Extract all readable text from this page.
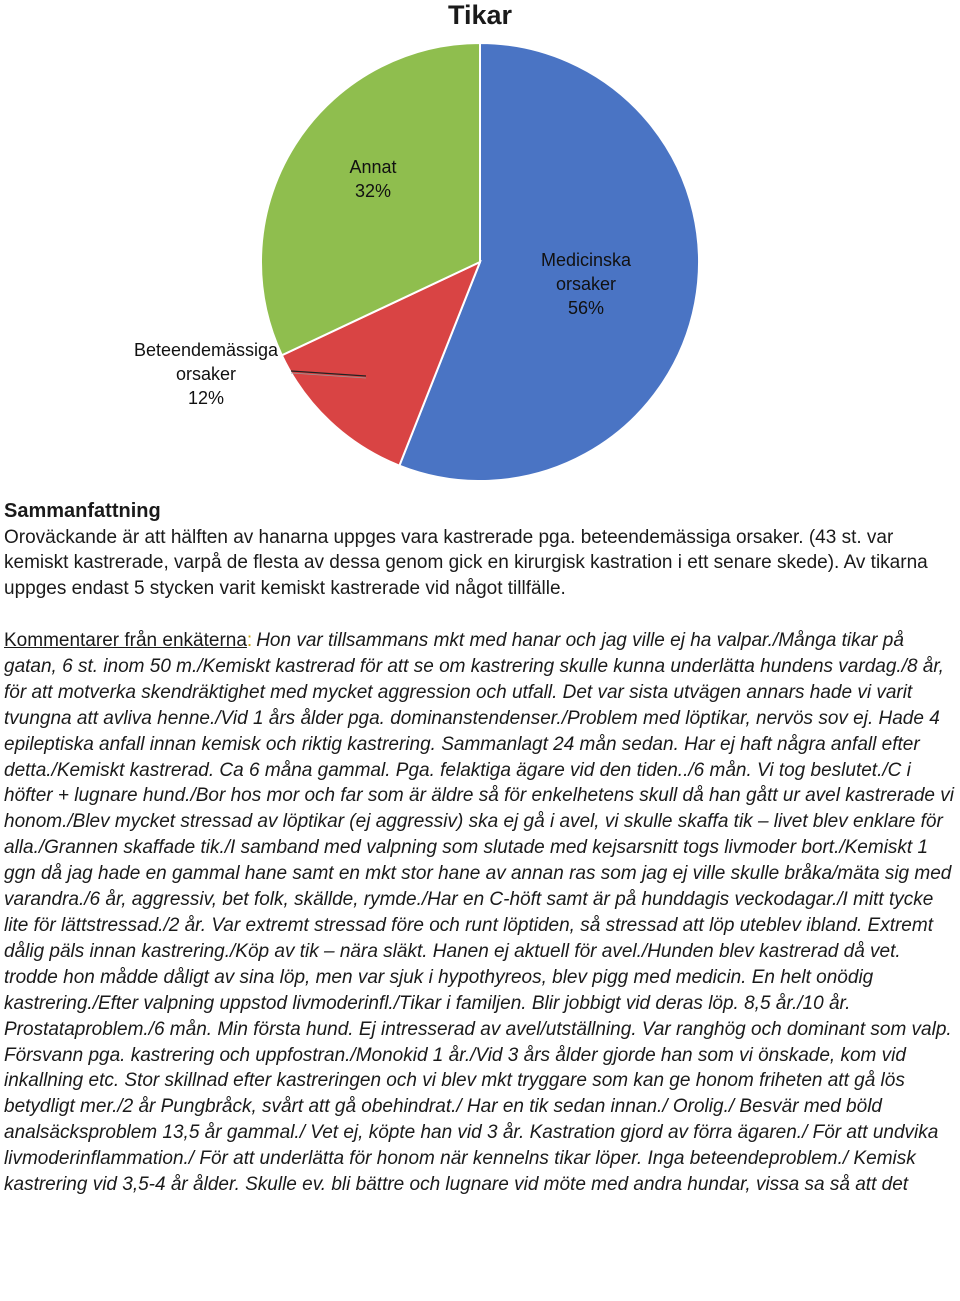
Tikar
Medicinska orsaker 56%
Beteendemässiga orsaker 12%
Annat 32%
Sammanfattning
Oroväckande är att hälften av hanarna uppges vara kastrerade pga. beteendemässiga orsaker. (43 st. var kemiskt kastrerade, varpå de flesta av dessa genom gick en kirurgisk kastration i ett senare skede). Av tikarna uppges endast 5 stycken varit kemiskt kastrerade vid något tillfälle.
Kommentarer från enkäterna: Hon var tillsammans mkt med hanar och jag ville ej ha valpar./Många tikar på gatan, 6 st. inom 50 m./Kemiskt kastrerad för att se om kastrering skulle kunna underlätta hundens vardag./8 år, för att motverka skendräktighet med mycket aggression och utfall. Det var sista utvägen annars hade vi varit tvungna att avliva henne./Vid 1 års ålder pga. dominanstendenser./Problem med löptikar, nervös sov ej. Hade 4 epileptiska anfall innan kemisk och riktig kastrering. Sammanlagt 24 mån sedan. Har ej haft några anfall efter detta./Kemiskt kastrerad. Ca 6 måna gammal. Pga. felaktiga ägare vid den tiden../6 mån. Vi tog beslutet./C i höfter + lugnare hund./Bor hos mor och far som är äldre så för enkelhetens skull då han gått ur avel kastrerade vi honom./Blev mycket stressad av löptikar (ej aggressiv) ska ej gå i avel, vi skulle skaffa tik – livet blev enklare för alla./Grannen skaffade tik./I samband med valpning som slutade med kejsarsnitt togs livmoder bort./Kemiskt 1 ggn då jag hade en gammal hane samt en mkt stor hane av annan ras som jag ej ville skulle bråka/mäta sig med varandra./6 år, aggressiv, bet folk, skällde, rymde./Har en C-höft samt är på hunddagis veckodagar./I mitt tycke lite för lättstressad./2 år. Var extremt stressad före och runt löptiden, så stressad att löp uteblev ibland. Extremt dålig päls innan kastrering./Köp av tik – nära släkt. Hanen ej aktuell för avel./Hunden blev kastrerad då vet. trodde hon mådde dåligt av sina löp, men var sjuk i hypothyreos, blev pigg med medicin. En helt onödig kastrering./Efter valpning uppstod livmoderinfl./Tikar i familjen. Blir jobbigt vid deras löp. 8,5 år./10 år. Prostataproblem./6 mån. Min första hund. Ej intresserad av avel/utställning. Var ranghög och dominant som valp. Försvann pga. kastrering och uppfostran./Monokid 1 år./Vid 3 års ålder gjorde han som vi önskade, kom vid inkallning etc. Stor skillnad efter kastreringen och vi blev mkt tryggare som kan ge honom friheten att gå lös betydligt mer./2 år Pungbråck, svårt att gå obehindrat./ Har en tik sedan innan./ Orolig./ Besvär med böld analsäcksproblem 13,5 år gammal./ Vet ej, köpte han vid 3 år. Kastration gjord av förra ägaren./ För att undvika livmoderinflammation./ För att underlätta för honom när kennelns tikar löper. Inga beteendeproblem./ Kemisk kastrering vid 3,5-4 år ålder. Skulle ev. bli bättre och lugnare vid möte med andra hundar, vissa sa så att det
